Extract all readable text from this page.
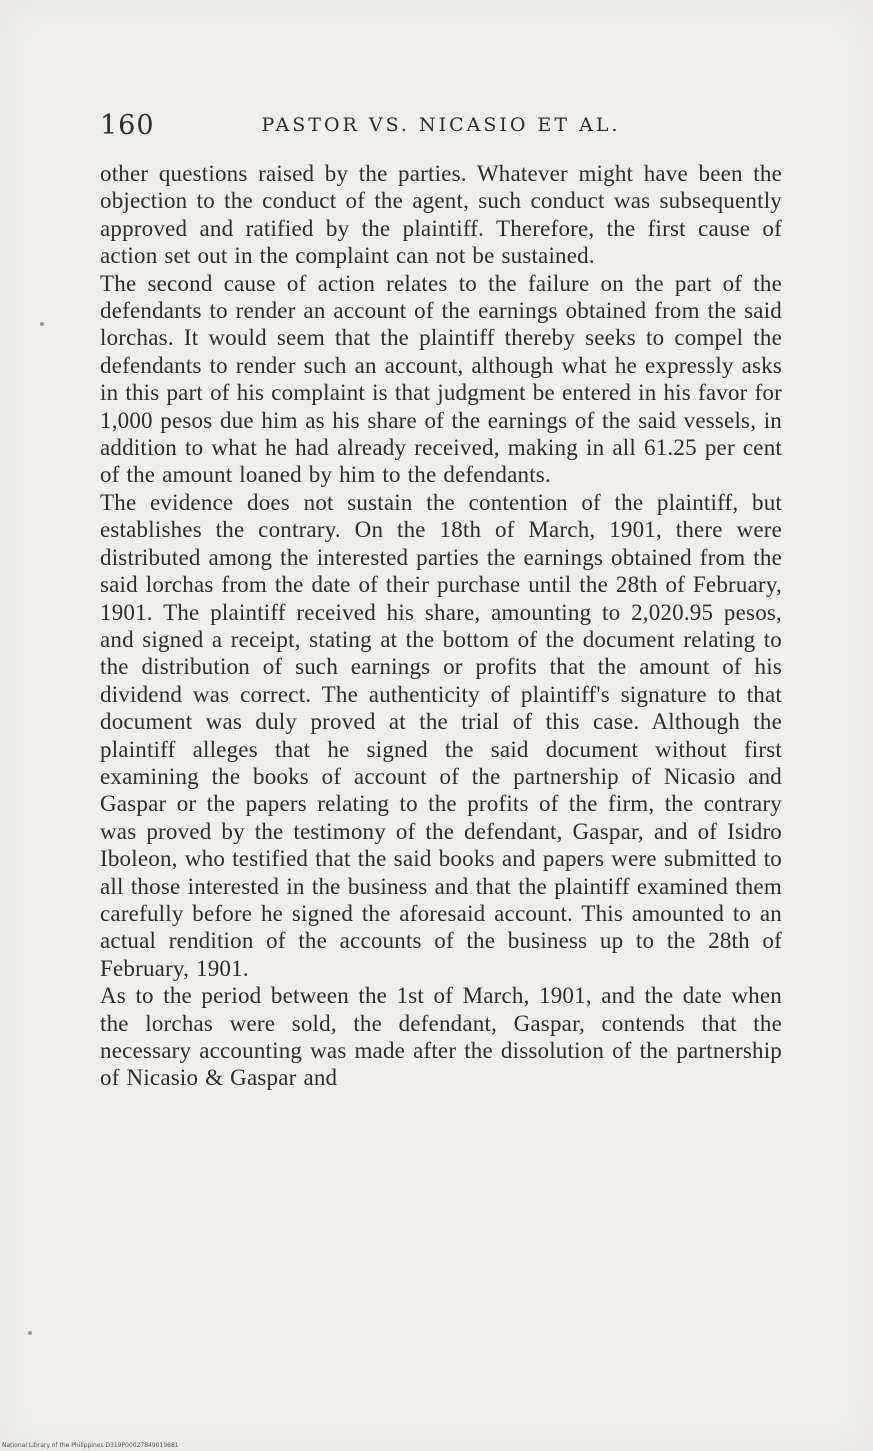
160	PASTOR VS. NICASIO ET AL.

other questions raised by the parties. Whatever might have been the objection to the conduct of the agent, such conduct was subsequently approved and ratified by the plaintiff. Therefore, the first cause of action set out in the complaint can not be sustained.

The second cause of action relates to the failure on the part of the defendants to render an account of the earnings obtained from the said lorchas. It would seem that the plaintiff thereby seeks to compel the defendants to render such an account, although what he expressly asks in this part of his complaint is that judgment be entered in his favor for 1,000 pesos due him as his share of the earnings of the said vessels, in addition to what he had already received, making in all 61.25 per cent of the amount loaned by him to the defendants.

The evidence does not sustain the contention of the plaintiff, but establishes the contrary. On the 18th of March, 1901, there were distributed among the interested parties the earnings obtained from the said lorchas from the date of their purchase until the 28th of February, 1901. The plaintiff received his share, amounting to 2,020.95 pesos, and signed a receipt, stating at the bottom of the document relating to the distribution of such earnings or profits that the amount of his dividend was correct. The authenticity of plaintiff's signature to that document was duly proved at the trial of this case. Although the plaintiff alleges that he signed the said document without first examining the books of account of the partnership of Nicasio and Gaspar or the papers relating to the profits of the firm, the contrary was proved by the testimony of the defendant, Gaspar, and of Isidro Iboleon, who testified that the said books and papers were submitted to all those interested in the business and that the plaintiff examined them carefully before he signed the aforesaid account. This amounted to an actual rendition of the accounts of the business up to the 28th of February, 1901.

As to the period between the 1st of March, 1901, and the date when the lorchas were sold, the defendant, Gaspar, contends that the necessary accounting was made after the dissolution of the partnership of Nicasio & Gaspar and

National Library of the Philippines D319P00027849019681
